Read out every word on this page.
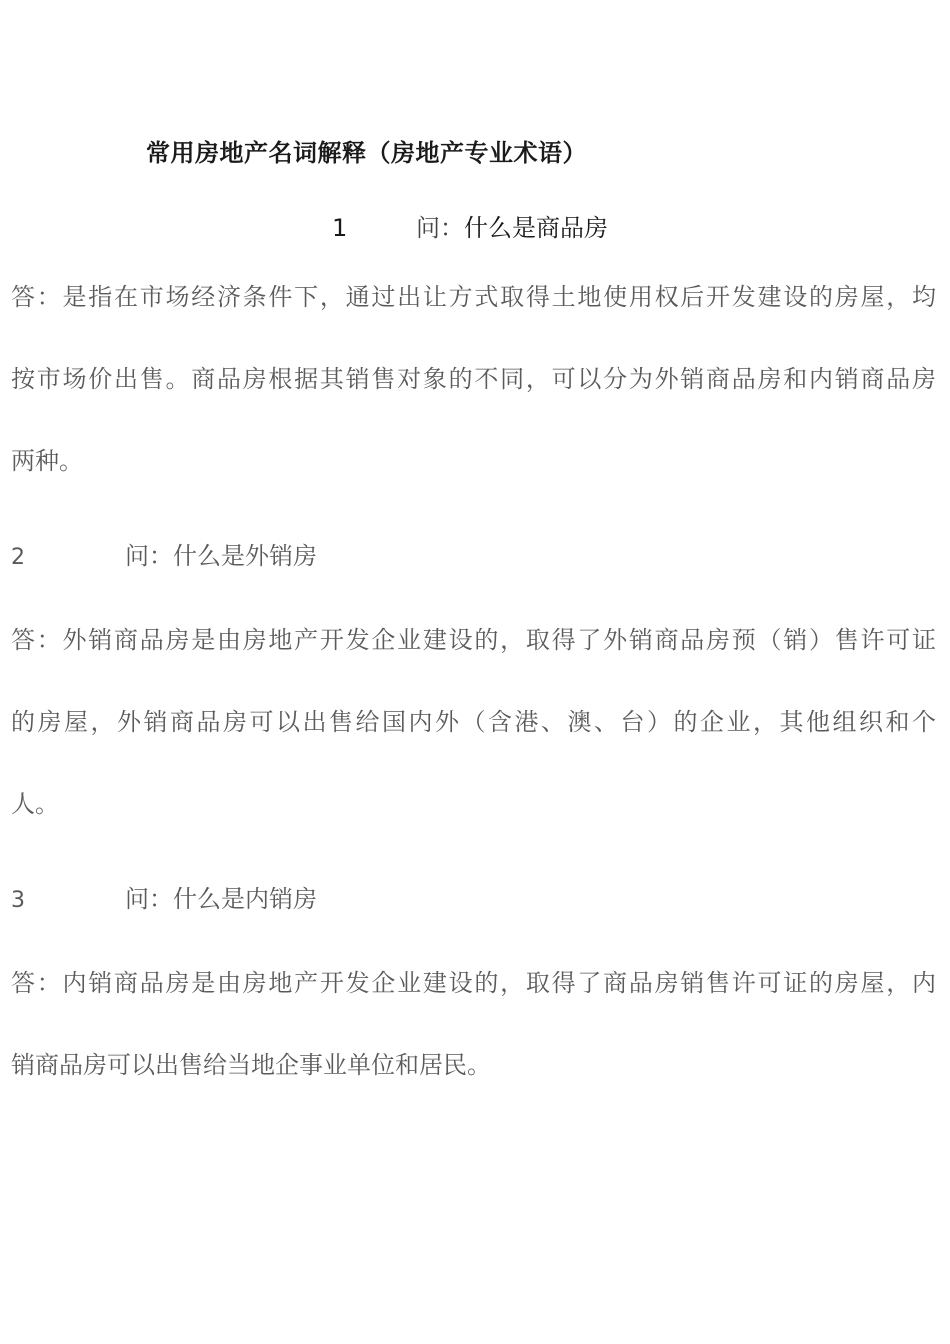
常用房地产名词解释（房地产专业术语）
1	问：什么是商品房
答：是指在市场经济条件下，通过出让方式取得土地使用权后开发建设的房屋，均
按市场价出售。商品房根据其销售对象的不同，可以分为外销商品房和内销商品房
两种。
2	问：什么是外销房
答：外销商品房是由房地产开发企业建设的，取得了外销商品房预（销）售许可证
的房屋，外销商品房可以出售给国内外（含港、澳、台）的企业，其他组织和个
人。
3	问：什么是内销房
答：内销商品房是由房地产开发企业建设的，取得了商品房销售许可证的房屋，内
销商品房可以出售给当地企事业单位和居民。
